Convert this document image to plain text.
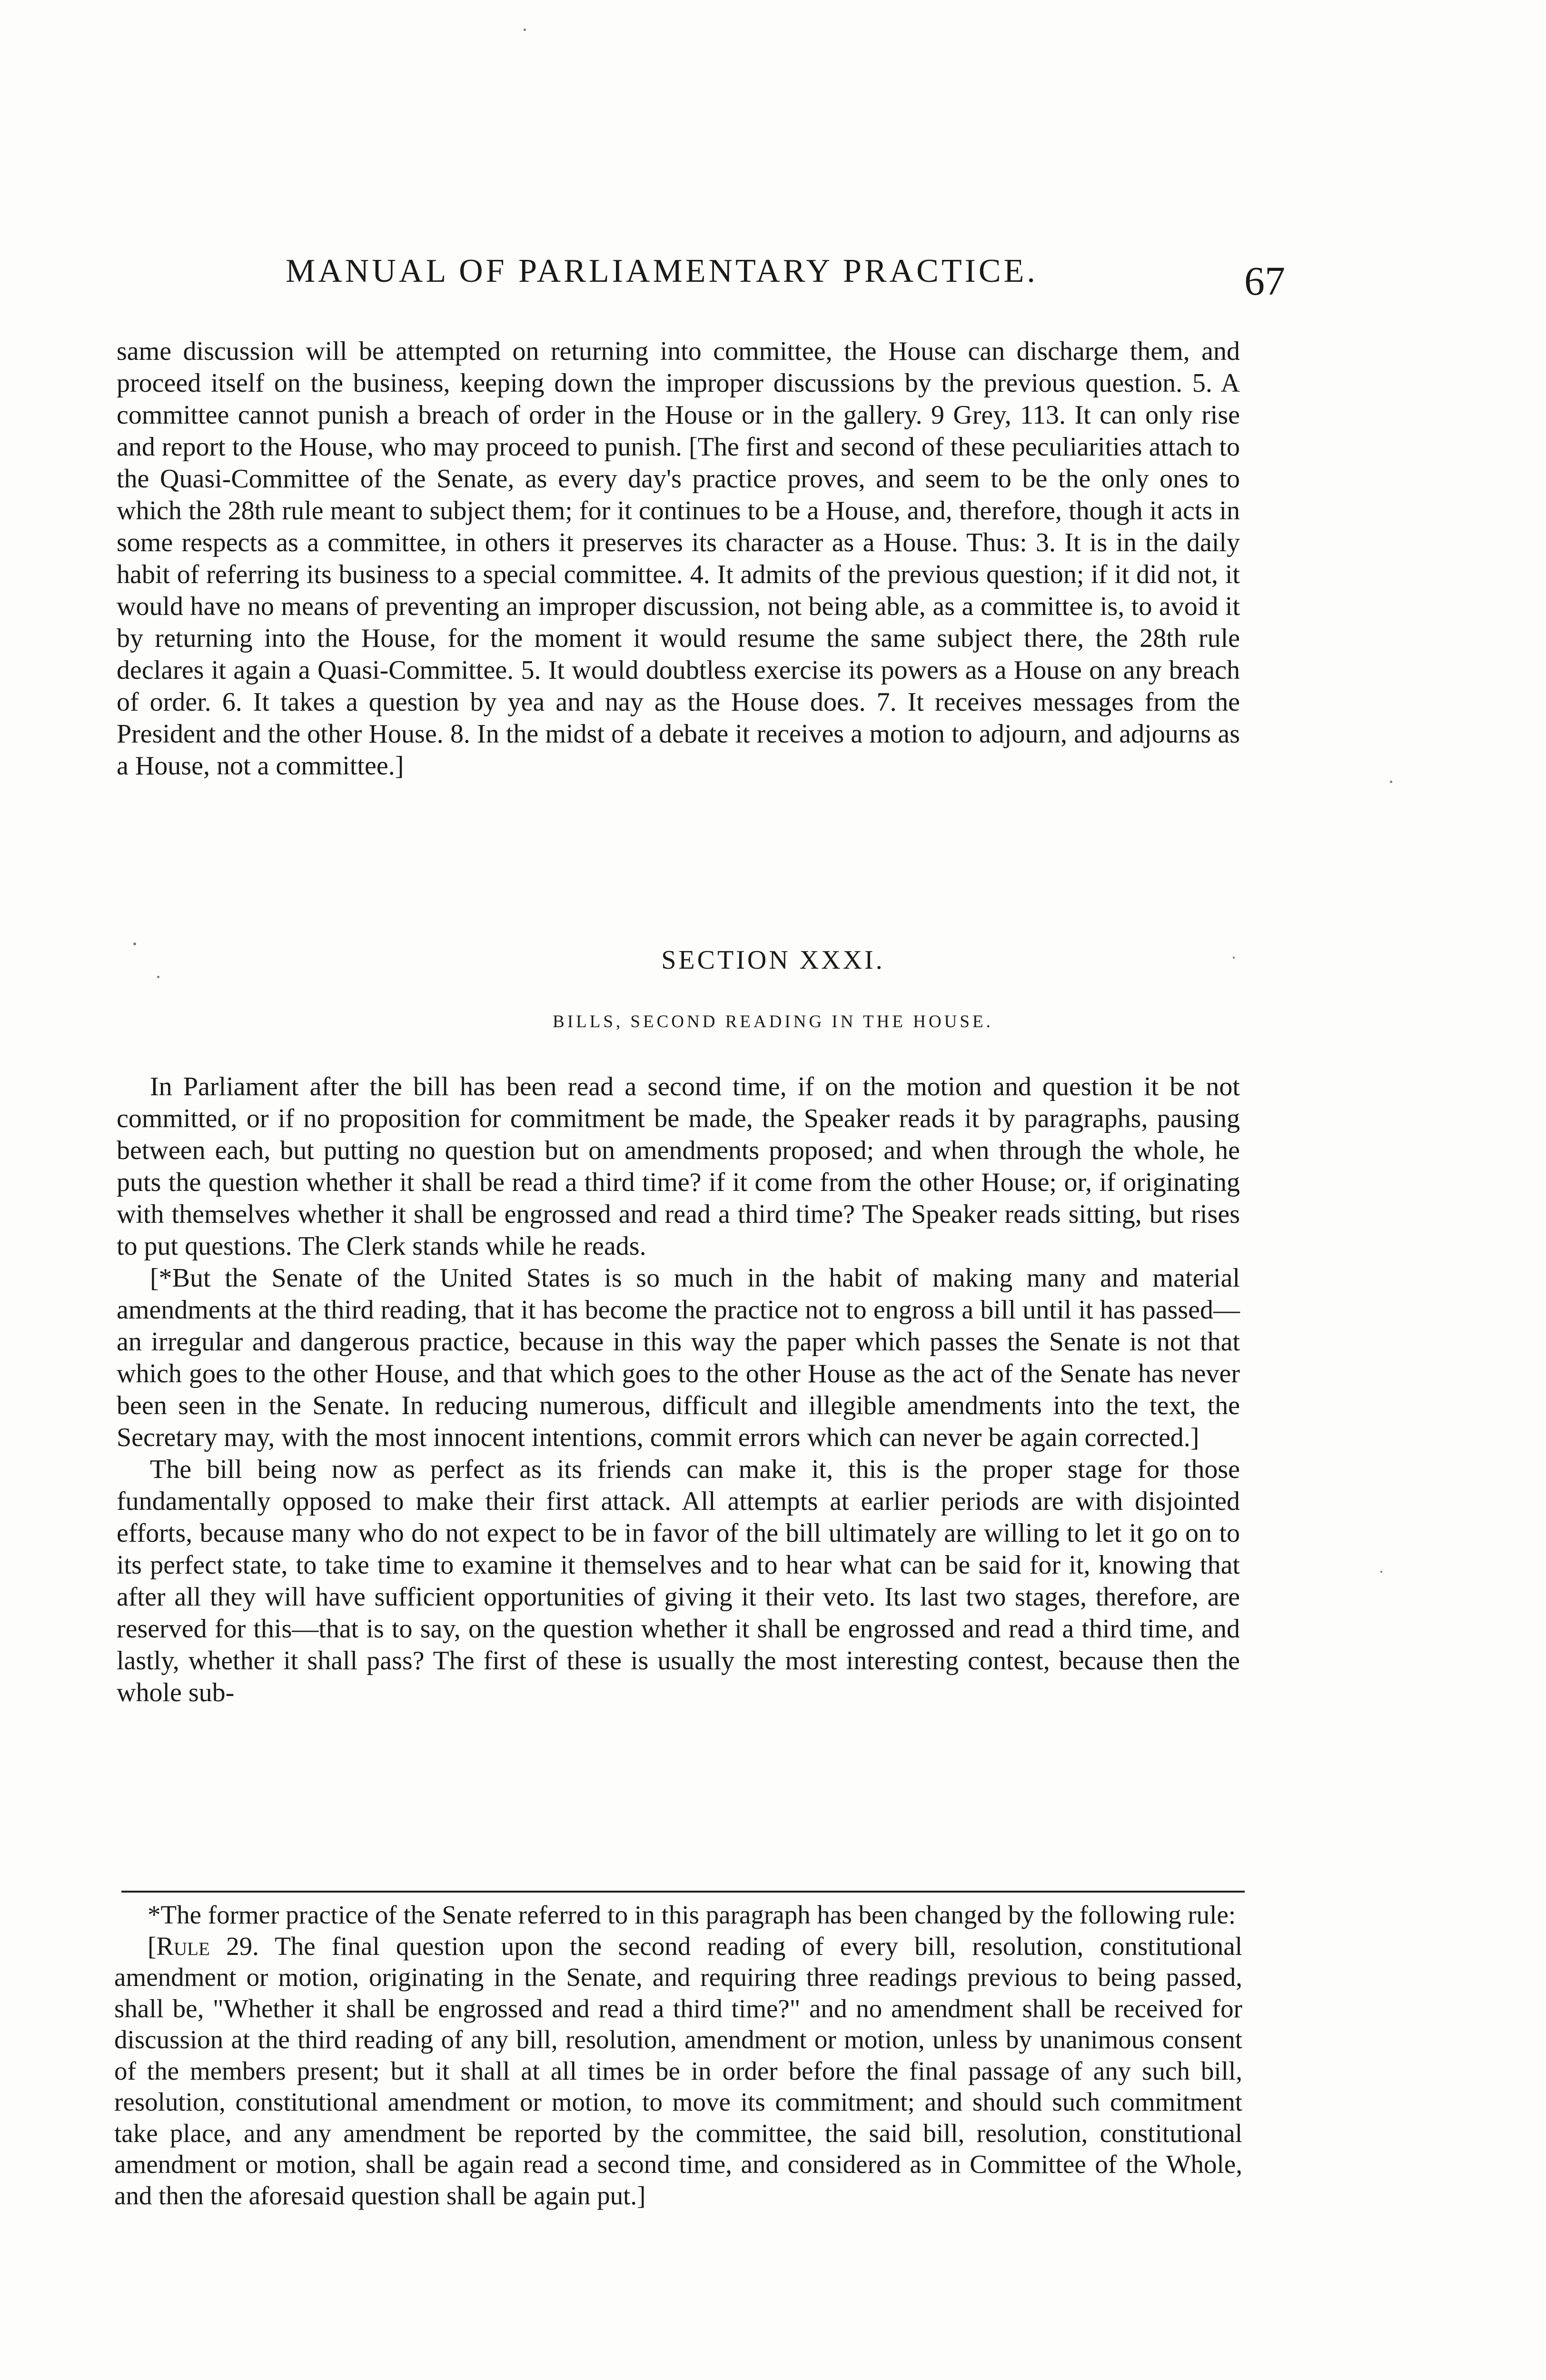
MANUAL OF PARLIAMENTARY PRACTICE.	67

same discussion will be attempted on returning into committee, the House can discharge them, and proceed itself on the business, keeping down the improper discussions by the previous question. 5. A committee cannot punish a breach of order in the House or in the gallery. 9 Grey, 113. It can only rise and report to the House, who may proceed to punish. [The first and second of these peculiarities attach to the Quasi-Committee of the Senate, as every day's practice proves, and seem to be the only ones to which the 28th rule meant to subject them; for it continues to be a House, and, therefore, though it acts in some respects as a committee, in others it preserves its character as a House. Thus: 3. It is in the daily habit of referring its business to a special committee. 4. It admits of the previous question; if it did not, it would have no means of preventing an improper discussion, not being able, as a committee is, to avoid it by returning into the House, for the moment it would resume the same subject there, the 28th rule declares it again a Quasi-Committee. 5. It would doubtless exercise its powers as a House on any breach of order. 6. It takes a question by yea and nay as the House does. 7. It receives messages from the President and the other House. 8. In the midst of a debate it receives a motion to adjourn, and adjourns as a House, not a committee.]

SECTION XXXI.
BILLS, SECOND READING IN THE HOUSE.

In Parliament after the bill has been read a second time, if on the motion and question it be not committed, or if no proposition for commitment be made, the Speaker reads it by paragraphs, pausing between each, but putting no question but on amendments proposed; and when through the whole, he puts the question whether it shall be read a third time? if it come from the other House; or, if originating with themselves whether it shall be engrossed and read a third time? The Speaker reads sitting, but rises to put questions. The Clerk stands while he reads.

[*But the Senate of the United States is so much in the habit of making many and material amendments at the third reading, that it has become the practice not to engross a bill until it has passed—an irregular and dangerous practice, because in this way the paper which passes the Senate is not that which goes to the other House, and that which goes to the other House as the act of the Senate has never been seen in the Senate. In reducing numerous, difficult and illegible amendments into the text, the Secretary may, with the most innocent intentions, commit errors which can never be again corrected.]

The bill being now as perfect as its friends can make it, this is the proper stage for those fundamentally opposed to make their first attack. All attempts at earlier periods are with disjointed efforts, because many who do not expect to be in favor of the bill ultimately are willing to let it go on to its perfect state, to take time to examine it themselves and to hear what can be said for it, knowing that after all they will have sufficient opportunities of giving it their veto. Its last two stages, therefore, are reserved for this—that is to say, on the question whether it shall be engrossed and read a third time, and lastly, whether it shall pass? The first of these is usually the most interesting contest, because then the whole sub-

*The former practice of the Senate referred to in this paragraph has been changed by the following rule:

[Rule 29. The final question upon the second reading of every bill, resolution, constitutional amendment or motion, originating in the Senate, and requiring three readings previous to being passed, shall be, "Whether it shall be engrossed and read a third time?" and no amendment shall be received for discussion at the third reading of any bill, resolution, amendment or motion, unless by unanimous consent of the members present; but it shall at all times be in order before the final passage of any such bill, resolution, constitutional amendment or motion, to move its commitment; and should such commitment take place, and any amendment be reported by the committee, the said bill, resolution, constitutional amendment or motion, shall be again read a second time, and considered as in Committee of the Whole, and then the aforesaid question shall be again put.]
